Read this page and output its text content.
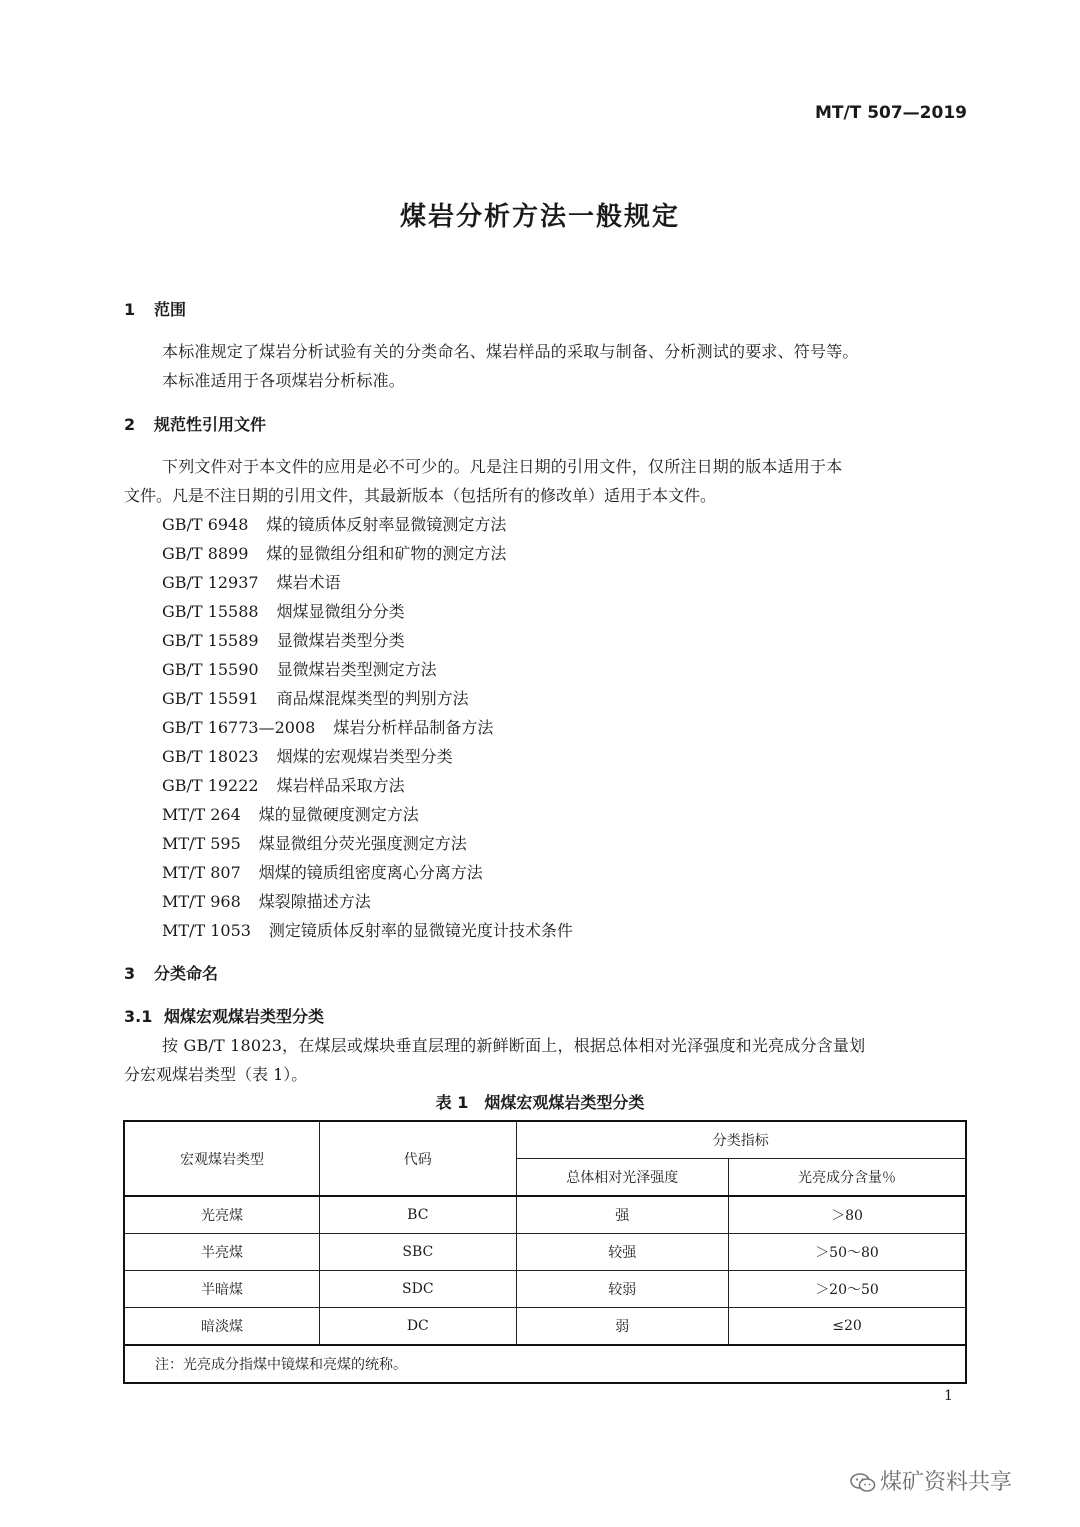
MT/T 507—2019
煤岩分析方法一般规定
1 范围
本标准规定了煤岩分析试验有关的分类命名、煤岩样品的采取与制备、分析测试的要求、符号等。
本标准适用于各项煤岩分析标准。
2 规范性引用文件
下列文件对于本文件的应用是必不可少的。凡是注日期的引用文件，仅所注日期的版本适用于本
文件。凡是不注日期的引用文件，其最新版本（包括所有的修改单）适用于本文件。
GB/T 6948 煤的镜质体反射率显微镜测定方法
GB/T 8899 煤的显微组分组和矿物的测定方法
GB/T 12937 煤岩术语
GB/T 15588 烟煤显微组分分类
GB/T 15589 显微煤岩类型分类
GB/T 15590 显微煤岩类型测定方法
GB/T 15591 商品煤混煤类型的判别方法
GB/T 16773—2008 煤岩分析样品制备方法
GB/T 18023 烟煤的宏观煤岩类型分类
GB/T 19222 煤岩样品采取方法
MT/T 264 煤的显微硬度测定方法
MT/T 595 煤显微组分荧光强度测定方法
MT/T 807 烟煤的镜质组密度离心分离方法
MT/T 968 煤裂隙描述方法
MT/T 1053 测定镜质体反射率的显微镜光度计技术条件
3 分类命名
3.1 烟煤宏观煤岩类型分类
按 GB/T 18023，在煤层或煤块垂直层理的新鲜断面上，根据总体相对光泽强度和光亮成分含量划
分宏观煤岩类型（表 1）。
表 1　烟煤宏观煤岩类型分类
宏观煤岩类型	代码	分类指标	
		总体相对光泽强度	光亮成分含量％
光亮煤	BC	强	＞80
半亮煤	SBC	较强	＞50～80
半暗煤	SDC	较弱	＞20～50
暗淡煤	DC	弱	≤20
注：光亮成分指煤中镜煤和亮煤的统称。			
1
煤矿资料共享
